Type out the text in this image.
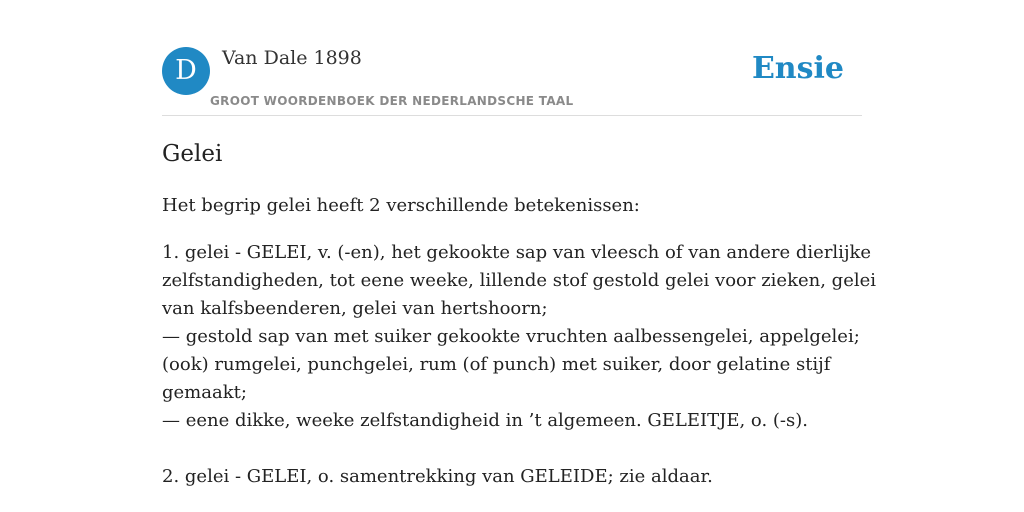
D	Van Dale 1898
GROOT WOORDENBOEK DER NEDERLANDSCHE TAAL
Ensie
Gelei
Het begrip gelei heeft 2 verschillende betekenissen:
1. gelei - GELEI, v. (-en), het gekookte sap van vleesch of van andere dierlijke
zelfstandigheden, tot eene weeke, lillende stof gestold gelei voor zieken, gelei
van kalfsbeenderen, gelei van hertshoorn;
— gestold sap van met suiker gekookte vruchten aalbessengelei, appelgelei;
(ook) rumgelei, punchgelei, rum (of punch) met suiker, door gelatine stijf
gemaakt;
— eene dikke, weeke zelfstandigheid in ’t algemeen. GELEITJE, o. (-s).
2. gelei - GELEI, o. samentrekking van GELEIDE; zie aldaar.
